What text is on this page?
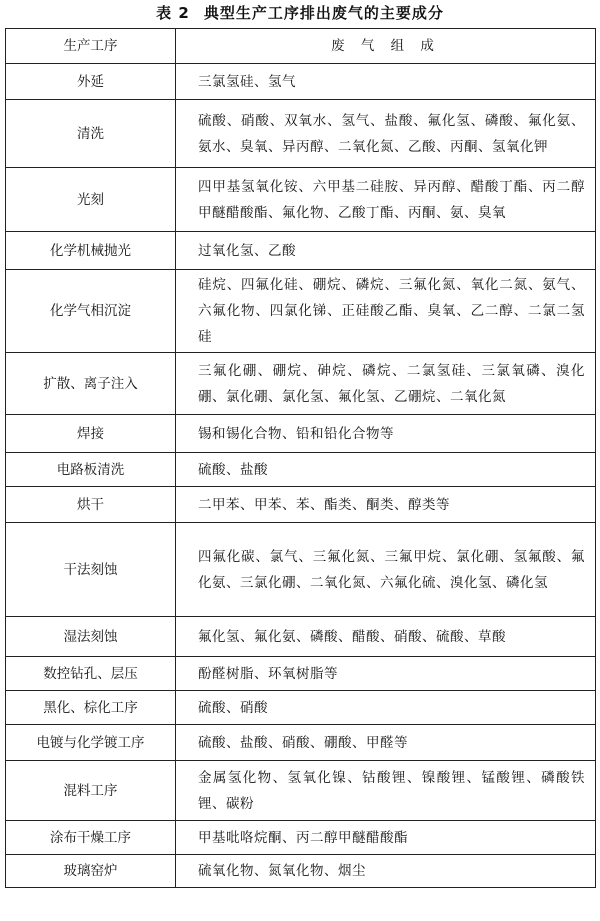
表 2 典型生产工序排出废气的主要成分
生产工序	废 气 组 成
外延	三氯氢硅、氢气
清洗	硫酸、硝酸、双氧水、氢气、盐酸、氟化氢、磷酸、氟化氨、氨水、臭氧、异丙醇、二氧化氮、乙酸、丙酮、氢氧化钾
光刻	四甲基氢氧化铵、六甲基二硅胺、异丙醇、醋酸丁酯、丙二醇甲醚醋酸酯、氟化物、乙酸丁酯、丙酮、氨、臭氧
化学机械抛光	过氧化氢、乙酸
化学气相沉淀	硅烷、四氟化硅、硼烷、磷烷、三氟化氮、氧化二氮、氨气、六氟化物、四氯化锑、正硅酸乙酯、臭氧、乙二醇、二氯二氢硅
扩散、离子注入	三氟化硼、硼烷、砷烷、磷烷、二氯氢硅、三氯氧磷、溴化硼、氯化硼、氯化氢、氟化氢、乙硼烷、二氧化氮
焊接	锡和锡化合物、铅和铅化合物等
电路板清洗	硫酸、盐酸
烘干	二甲苯、甲苯、苯、酯类、酮类、醇类等
干法刻蚀	四氟化碳、氯气、三氟化氮、三氟甲烷、氯化硼、氢氟酸、氟化氨、三氯化硼、二氧化氮、六氟化硫、溴化氢、磷化氢
湿法刻蚀	氟化氢、氟化氨、磷酸、醋酸、硝酸、硫酸、草酸
数控钻孔、层压	酚醛树脂、环氧树脂等
黑化、棕化工序	硫酸、硝酸
电镀与化学镀工序	硫酸、盐酸、硝酸、硼酸、甲醛等
混料工序	金属氢化物、氢氧化镍、钴酸锂、镍酸锂、锰酸锂、磷酸铁锂、碳粉
涂布干燥工序	甲基吡咯烷酮、丙二醇甲醚醋酸酯
玻璃窑炉	硫氧化物、氮氧化物、烟尘
